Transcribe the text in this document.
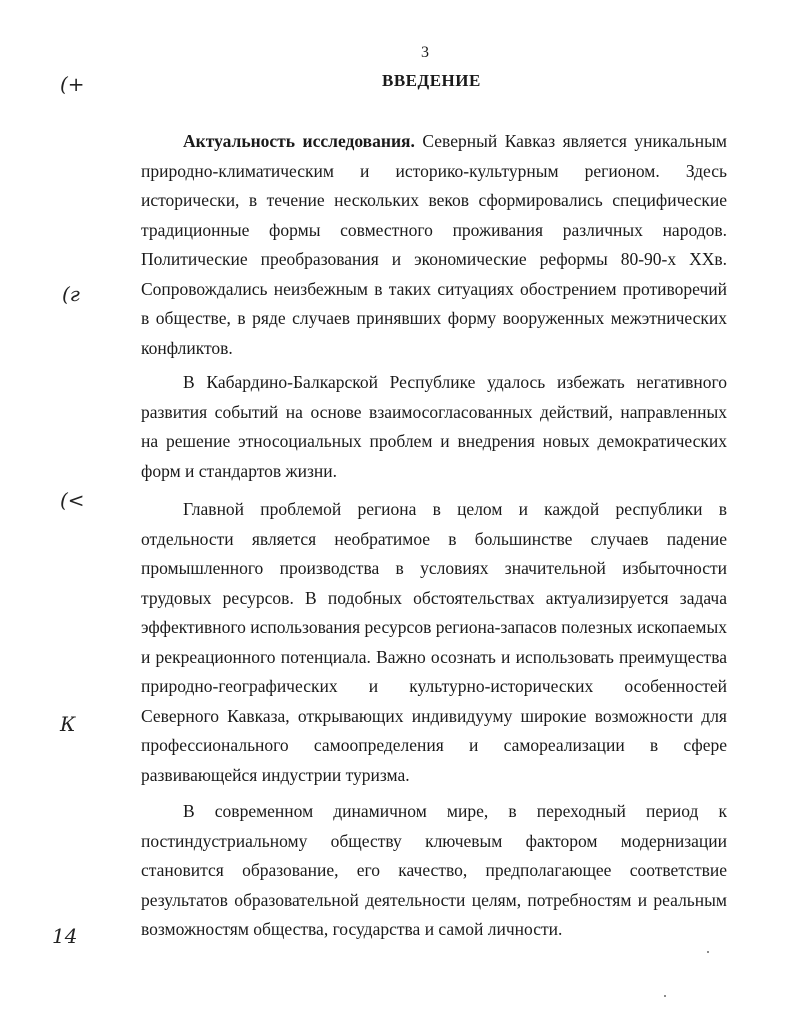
3
ВВЕДЕНИЕ
(+
(г
(<
К
14

Актуальность исследования. Северный Кавказ является уникальным природно-климатическим и историко-культурным регионом. Здесь исторически, в течение нескольких веков сформировались специфические традиционные формы совместного проживания различных народов. Политические преобразования и экономические реформы 80-90-х XXв. Сопровождались неизбежным в таких ситуациях обострением противоречий в обществе, в ряде случаев принявших форму вооруженных межэтнических конфликтов.

В Кабардино-Балкарской Республике удалось избежать негативного развития событий на основе взаимосогласованных действий, направленных на решение этносоциальных проблем и внедрения новых демократических форм и стандартов жизни.

Главной проблемой региона в целом и каждой республики в отдельности является необратимое в большинстве случаев падение промышленного производства в условиях значительной избыточности трудовых ресурсов. В подобных обстоятельствах актуализируется задача эффективного использования ресурсов региона-запасов полезных ископаемых и рекреационного потенциала. Важно осознать и использовать преимущества природно-географических и культурно-исторических особенностей Северного Кавказа, открывающих индивидууму широкие возможности для профессионального самоопределения и самореализации в сфере развивающейся индустрии туризма.

В современном динамичном мире, в переходный период к постиндустриальному обществу ключевым фактором модернизации становится образование, его качество, предполагающее соответствие результатов образовательной деятельности целям, потребностям и реальным возможностям общества, государства и самой личности.
